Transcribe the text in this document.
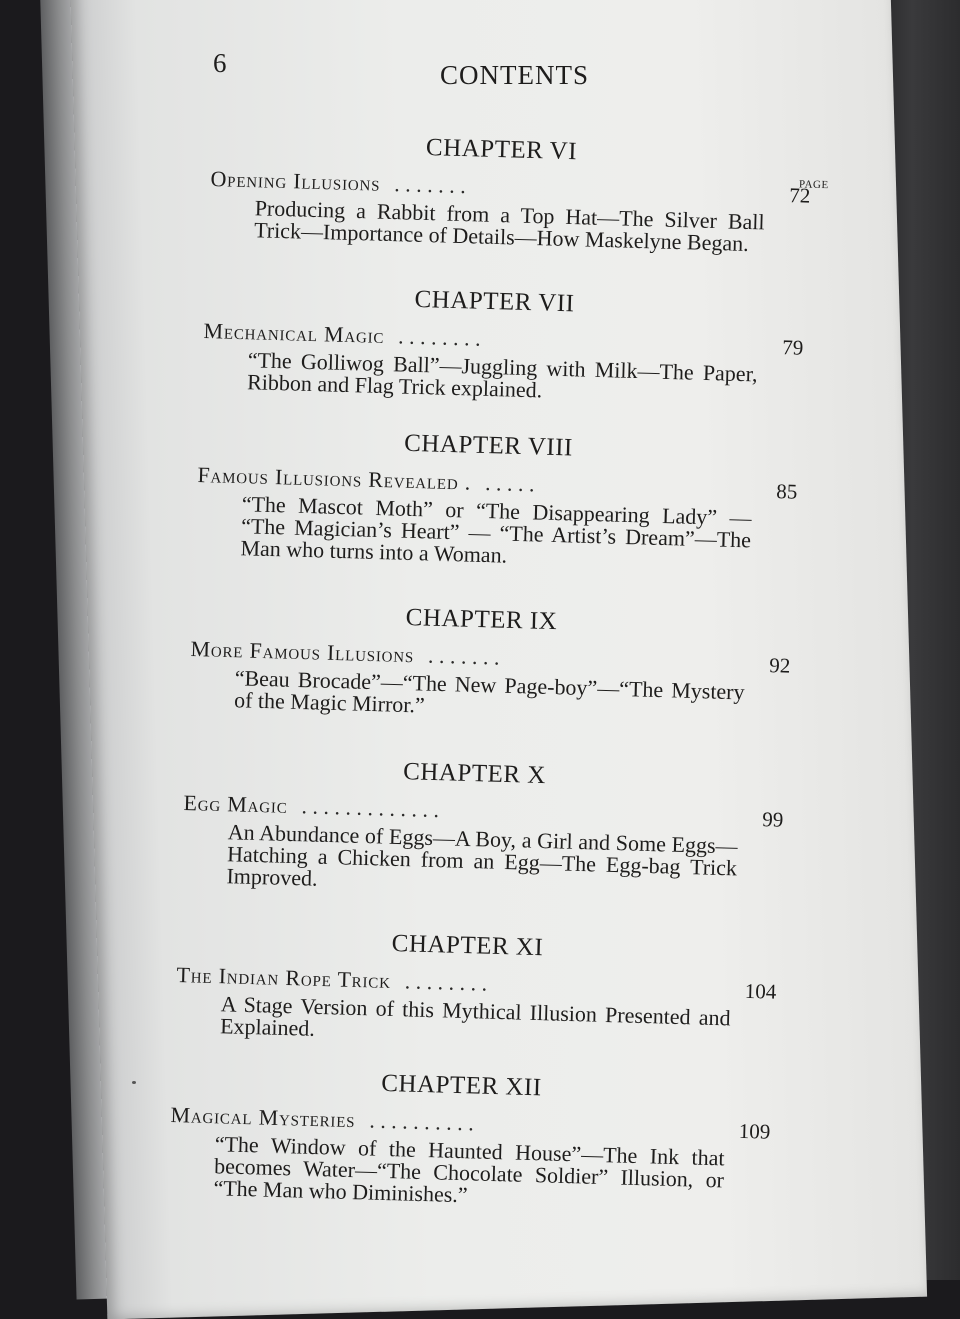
6	CONTENTS
CHAPTER VI
PAGE
Opening Illusions . . . . . . .	72
Producing a Rabbit from a Top Hat—The Silver Ball Trick—Importance of Details—How Maskelyne Began.
CHAPTER VII
Mechanical Magic . . . . . . . .	79
“The Golliwog Ball”—Juggling with Milk—The Paper, Ribbon and Flag Trick explained.
CHAPTER VIII
Famous Illusions Revealed . . . . . .	85
“The Mascot Moth” or “The Disappearing Lady” — “The Magician’s Heart” — “The Artist’s Dream”—The Man who turns into a Woman.
CHAPTER IX
More Famous Illusions . . . . . . .	92
“Beau Brocade”—“The New Page-boy”—“The Mystery of the Magic Mirror.”
CHAPTER X
Egg Magic . . . . . . . . . . . . .	99
An Abundance of Eggs—A Boy, a Girl and Some Eggs—Hatching a Chicken from an Egg—The Egg-bag Trick Improved.
CHAPTER XI
The Indian Rope Trick . . . . . . . .	104
A Stage Version of this Mythical Illusion Presented and Explained.
CHAPTER XII
Magical Mysteries . . . . . . . . . .	109
“The Window of the Haunted House”—The Ink that becomes Water—“The Chocolate Soldier” Illusion, or “The Man who Diminishes.”
